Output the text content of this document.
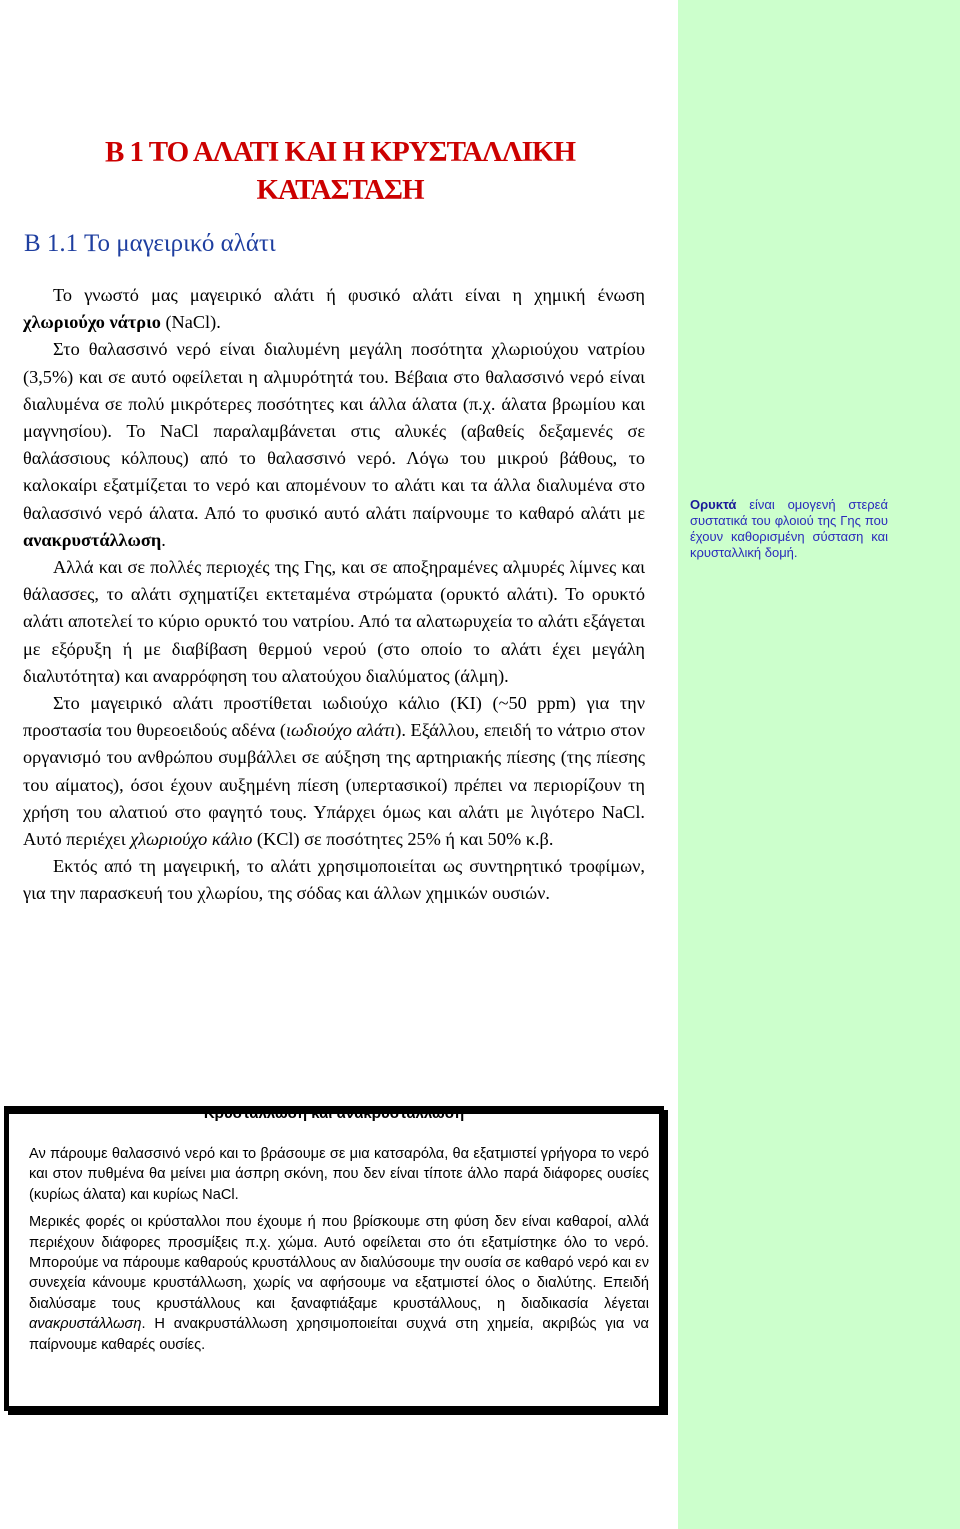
Β 1 ΤΟ ΑΛΑΤΙ ΚΑΙ Η ΚΡΥΣΤΑΛΛΙΚΗ ΚΑΤΑΣΤΑΣΗ
Β 1.1 Το μαγειρικό αλάτι

Το γνωστό μας μαγειρικό αλάτι ή φυσικό αλάτι είναι η χημική ένωση χλωριούχο νάτριο (NaCl).

Στο θαλασσινό νερό είναι διαλυμένη μεγάλη ποσότητα χλωριούχου νατρίου (3,5%) και σε αυτό οφείλεται η αλμυρότητά του. Βέβαια στο θαλασσινό νερό είναι διαλυμένα σε πολύ μικρότερες ποσότητες και άλλα άλατα (π.χ. άλατα βρωμίου και μαγνησίου). Το NaCl παραλαμβάνεται στις αλυκές (αβαθείς δεξαμενές σε θαλάσσιους κόλπους) από το θαλασσινό νερό. Λόγω του μικρού βάθους, το καλοκαίρι εξατμίζεται το νερό και απομένουν το αλάτι και τα άλλα διαλυμένα στο θαλασσινό νερό άλατα. Από το φυσικό αυτό αλάτι παίρνουμε το καθαρό αλάτι με ανακρυστάλλωση.

Αλλά και σε πολλές περιοχές της Γης, και σε αποξηραμένες αλμυρές λίμνες και θάλασσες, το αλάτι σχηματίζει εκτεταμένα στρώματα (ορυκτό αλάτι). Το ορυκτό αλάτι αποτελεί το κύριο ορυκτό του νατρίου. Από τα αλατωρυχεία το αλάτι εξάγεται με εξόρυξη ή με διαβίβαση θερμού νερού (στο οποίο το αλάτι έχει μεγάλη διαλυτότητα) και αναρρόφηση του αλατούχου διαλύματος (άλμη).

Στο μαγειρικό αλάτι προστίθεται ιωδιούχο κάλιο (ΚΙ) (~50 ppm) για την προστασία του θυρεοειδούς αδένα (ιωδιούχο αλάτι). Εξάλλου, επειδή το νάτριο στον οργανισμό του ανθρώπου συμβάλλει σε αύξηση της αρτηριακής πίεσης (της πίεσης του αίματος), όσοι έχουν αυξημένη πίεση (υπερτασικοί) πρέπει να περιορίζουν τη χρήση του αλατιού στο φαγητό τους. Υπάρχει όμως και αλάτι με λιγότερο NaCl. Αυτό περιέχει χλωριούχο κάλιο (KCl) σε ποσότητες 25% ή και 50% κ.β.

Εκτός από τη μαγειρική, το αλάτι χρησιμοποιείται ως συντηρητικό τροφίμων, για την παρασκευή του χλωρίου, της σόδας και άλλων χημικών ουσιών.

Ορυκτά είναι ομογενή στερεά συστατικά του φλοιού της Γης που έχουν καθορισμένη σύσταση και κρυσταλλική δομή.
Κρυστάλλωση και ανακρυστάλλωση

Αν πάρουμε θαλασσινό νερό και το βράσουμε σε μια κατσαρόλα, θα εξατμιστεί γρήγορα το νερό και στον πυθμένα θα μείνει μια άσπρη σκόνη, που δεν είναι τίποτε άλλο παρά διάφορες ουσίες (κυρίως άλατα) και κυρίως NaCl.

Μερικές φορές οι κρύσταλλοι που έχουμε ή που βρίσκουμε στη φύση δεν είναι καθαροί, αλλά περιέχουν διάφορες προσμίξεις π.χ. χώμα. Αυτό οφείλεται στο ότι εξατμίστηκε όλο το νερό. Μπορούμε να πάρουμε καθαρούς κρυστάλλους αν διαλύσουμε την ουσία σε καθαρό νερό και εν συνεχεία κάνουμε κρυστάλλωση, χωρίς να αφήσουμε να εξατμιστεί όλος ο διαλύτης. Επειδή διαλύσαμε τους κρυστάλλους και ξαναφτιάξαμε κρυστάλλους, η διαδικασία λέγεται ανακρυστάλλωση. Η ανακρυστάλλωση χρησιμοποιείται συχνά στη χημεία, ακριβώς για να παίρνουμε καθαρές ουσίες.
